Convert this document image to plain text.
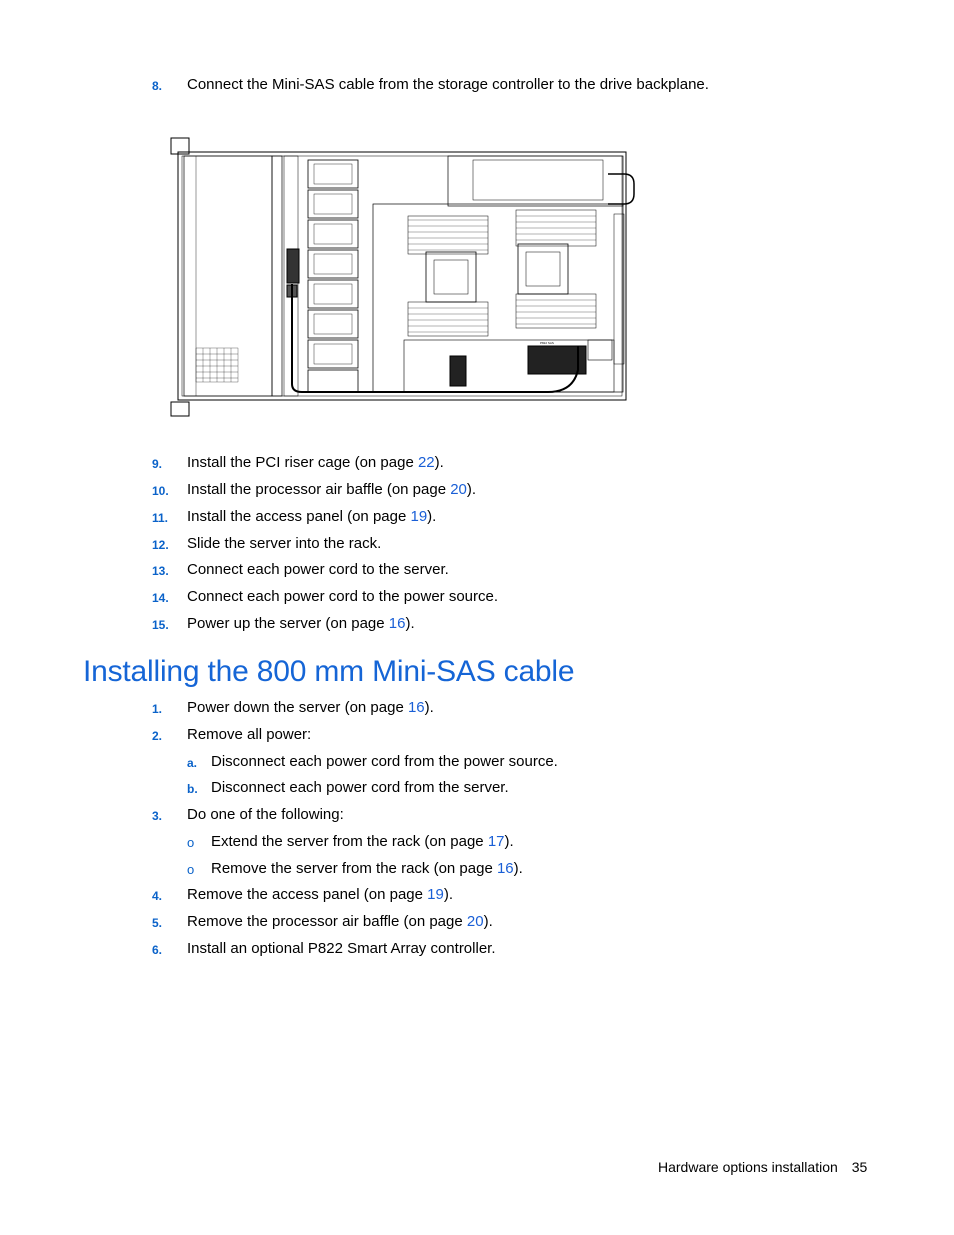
8. Connect the Mini-SAS cable from the storage controller to the drive backplane.
P822 SAS
9. Install the PCI riser cage (on page 22).
10. Install the processor air baffle (on page 20).
11. Install the access panel (on page 19).
12. Slide the server into the rack.
13. Connect each power cord to the server.
14. Connect each power cord to the power source.
15. Power up the server (on page 16).
Installing the 800 mm Mini-SAS cable
1. Power down the server (on page 16).
2. Remove all power:
a. Disconnect each power cord from the power source.
b. Disconnect each power cord from the server.
3. Do one of the following:
o Extend the server from the rack (on page 17).
o Remove the server from the rack (on page 16).
4. Remove the access panel (on page 19).
5. Remove the processor air baffle (on page 20).
6. Install an optional P822 Smart Array controller.
Hardware options installation 35
